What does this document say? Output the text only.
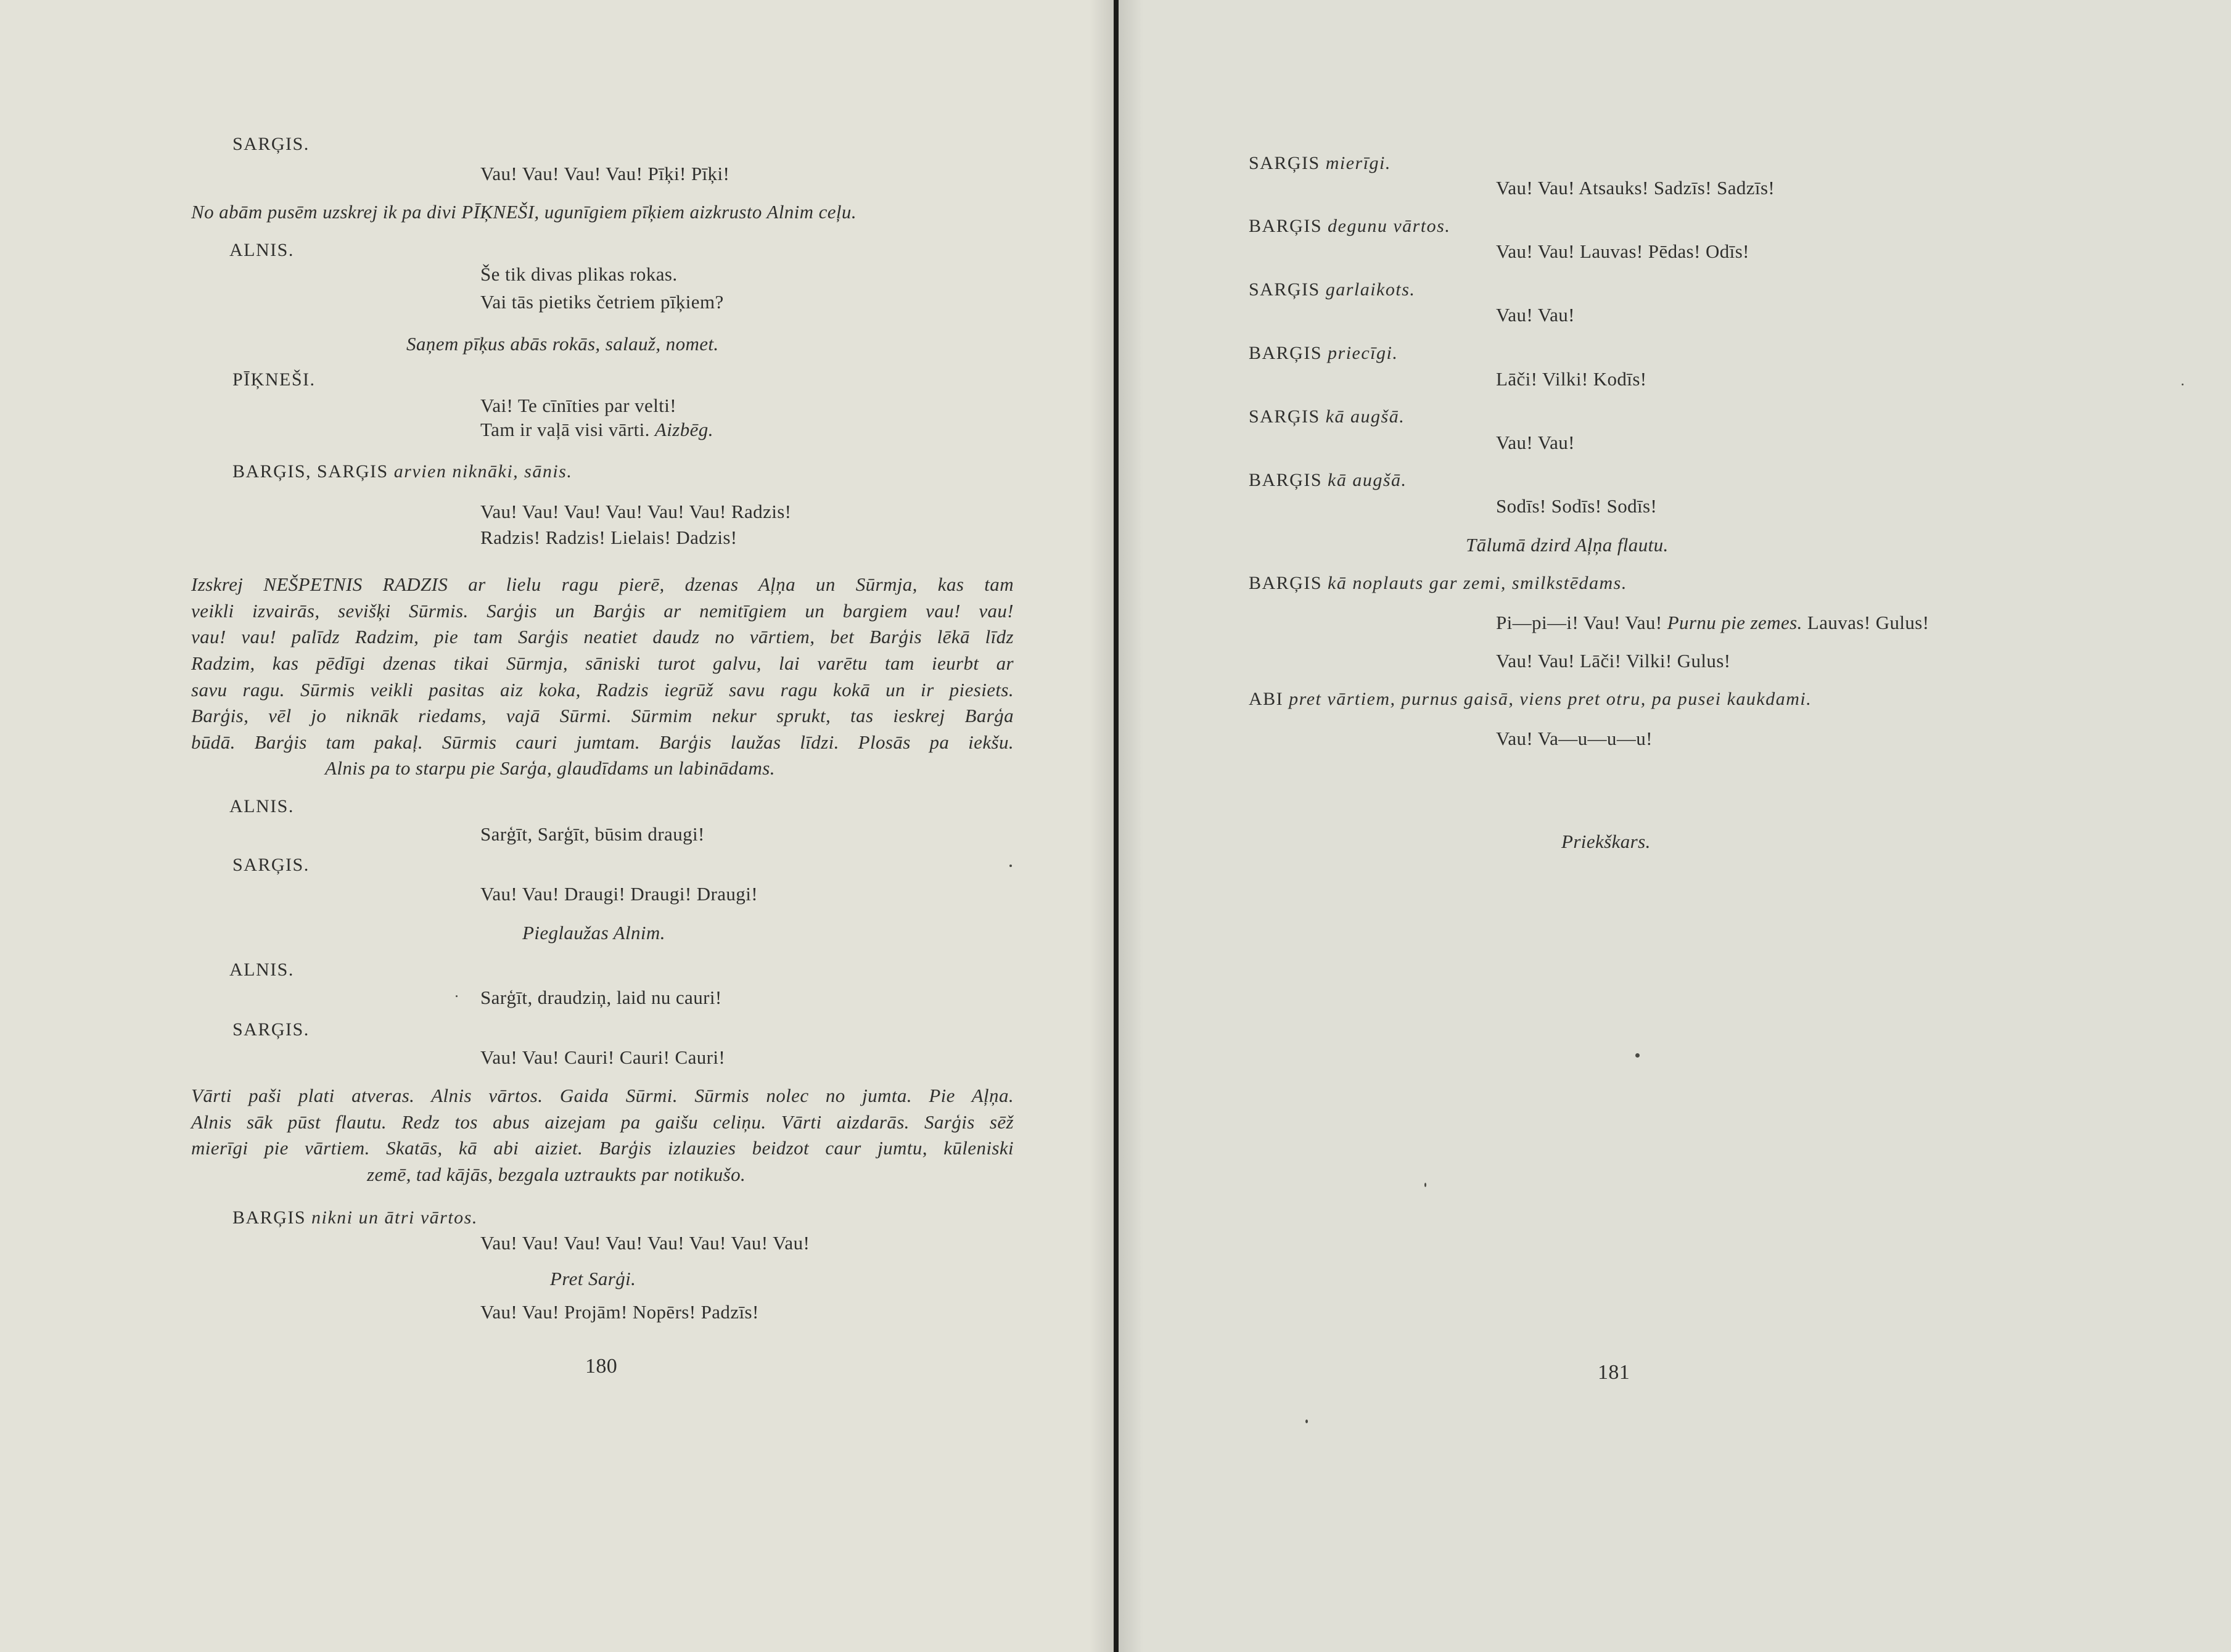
SARĢIS.

Vau! Vau! Vau! Vau! Pīķi! Pīķi!

No abām pusēm uzskrej ik pa divi PĪĶNEŠI, ugunīgiem pīķiem aizkrusto Alnim ceļu.

ALNIS.

Še tik divas plikas rokas.

Vai tās pietiks četriem pīķiem?

Saņem pīķus abās rokās, salauž, nomet.

PĪĶNEŠI.

Vai! Te cīnīties par velti!

Tam ir vaļā visi vārti. Aizbēg.

BARĢIS, SARĢIS arvien niknāki, sānis.

Vau! Vau! Vau! Vau! Vau! Vau! Radzis!

Radzis! Radzis! Lielais! Dadzis!

Izskrej NEŠPETNIS RADZIS ar lielu ragu pierē, dzenas Aļņa un Sūrmja, kas tam

veikli izvairās, sevišķi Sūrmis. Sarģis un Barģis ar nemitīgiem un bargiem vau! vau!

vau! vau! palīdz Radzim, pie tam Sarģis neatiet daudz no vārtiem, bet Barģis lēkā līdz

Radzim, kas pēdīgi dzenas tikai Sūrmja, sāniski turot galvu, lai varētu tam ieurbt ar

savu ragu. Sūrmis veikli pasitas aiz koka, Radzis iegrūž savu ragu kokā un ir piesiets.

Barģis, vēl jo niknāk riedams, vajā Sūrmi. Sūrmim nekur sprukt, tas ieskrej Barģa

būdā. Barģis tam pakaļ. Sūrmis cauri jumtam. Barģis laužas līdzi. Plosās pa iekšu.

Alnis pa to starpu pie Sarģa, glaudīdams un labinādams.

ALNIS.

Sarģīt, Sarģīt, būsim draugi!

SARĢIS.

Vau! Vau! Draugi! Draugi! Draugi!

Pieglaužas Alnim.

ALNIS.

Sarģīt, draudziņ, laid nu cauri!

SARĢIS.

Vau! Vau! Cauri! Cauri! Cauri!

Vārti paši plati atveras. Alnis vārtos. Gaida Sūrmi. Sūrmis nolec no jumta. Pie Aļņa.

Alnis sāk pūst flautu. Redz tos abus aizejam pa gaišu celiņu. Vārti aizdarās. Sarģis sēž

mierīgi pie vārtiem. Skatās, kā abi aiziet. Barģis izlauzies beidzot caur jumtu, kūleniski

zemē, tad kājās, bezgala uztraukts par notikušo.

BARĢIS nikni un ātri vārtos.

Vau! Vau! Vau! Vau! Vau! Vau! Vau! Vau!

Pret Sarģi.

Vau! Vau! Projām! Nopērs! Padzīs!

180

SARĢIS mierīgi.

Vau! Vau! Atsauks! Sadzīs! Sadzīs!

BARĢIS degunu vārtos.

Vau! Vau! Lauvas! Pēdas! Odīs!

SARĢIS garlaikots.

Vau! Vau!

BARĢIS priecīgi.

Lāči! Vilki! Kodīs!

SARĢIS kā augšā.

Vau! Vau!

BARĢIS kā augšā.

Sodīs! Sodīs! Sodīs!

Tālumā dzird Aļņa flautu.

BARĢIS kā noplauts gar zemi, smilkstēdams.

Pi—pi—i! Vau! Vau! Purnu pie zemes. Lauvas! Gulus!

Vau! Vau! Lāči! Vilki! Gulus!

ABI pret vārtiem, purnus gaisā, viens pret otru, pa pusei kaukdami.

Vau! Va—u—u—u!

Priekškars.

181
